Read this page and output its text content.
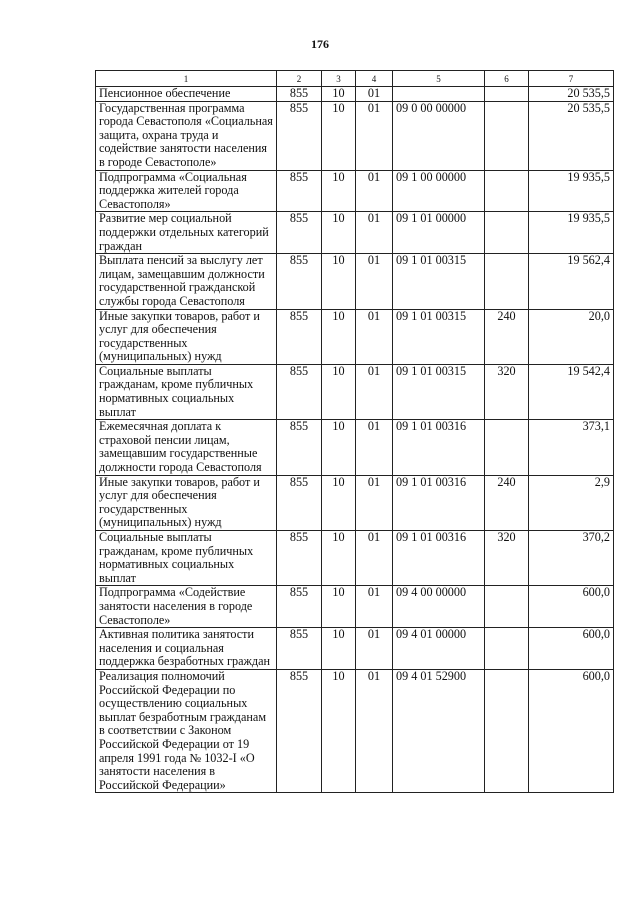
176
1	2	3	4	5	6	7
Пенсионное обеспечение	855	10	01			20 535,5
Государственная программа города Севастополя «Социальная защита, охрана труда и содействие занятости населения в городе Севастополе»	855	10	01	09 0 00 00000		20 535,5
Подпрограмма «Социальная поддержка жителей города Севастополя»	855	10	01	09 1 00 00000		19 935,5
Развитие мер социальной поддержки отдельных категорий граждан	855	10	01	09 1 01 00000		19 935,5
Выплата пенсий за выслугу лет лицам, замещавшим должности государственной гражданской службы города Севастополя	855	10	01	09 1 01 00315		19 562,4
Иные закупки товаров, работ и услуг для обеспечения государственных (муниципальных) нужд	855	10	01	09 1 01 00315	240	20,0
Социальные выплаты гражданам, кроме публичных нормативных социальных выплат	855	10	01	09 1 01 00315	320	19 542,4
Ежемесячная доплата к страховой пенсии лицам, замещавшим государственные должности города Севастополя	855	10	01	09 1 01 00316		373,1
Иные закупки товаров, работ и услуг для обеспечения государственных (муниципальных) нужд	855	10	01	09 1 01 00316	240	2,9
Социальные выплаты гражданам, кроме публичных нормативных социальных выплат	855	10	01	09 1 01 00316	320	370,2
Подпрограмма «Содействие занятости населения в городе Севастополе»	855	10	01	09 4 00 00000		600,0
Активная политика занятости населения и социальная поддержка безработных граждан	855	10	01	09 4 01 00000		600,0
Реализация полномочий Российской Федерации по осуществлению социальных выплат безработным гражданам в соответствии с Законом Российской Федерации от 19 апреля 1991 года № 1032-I «О занятости населения в Российской Федерации»	855	10	01	09 4 01 52900		600,0
